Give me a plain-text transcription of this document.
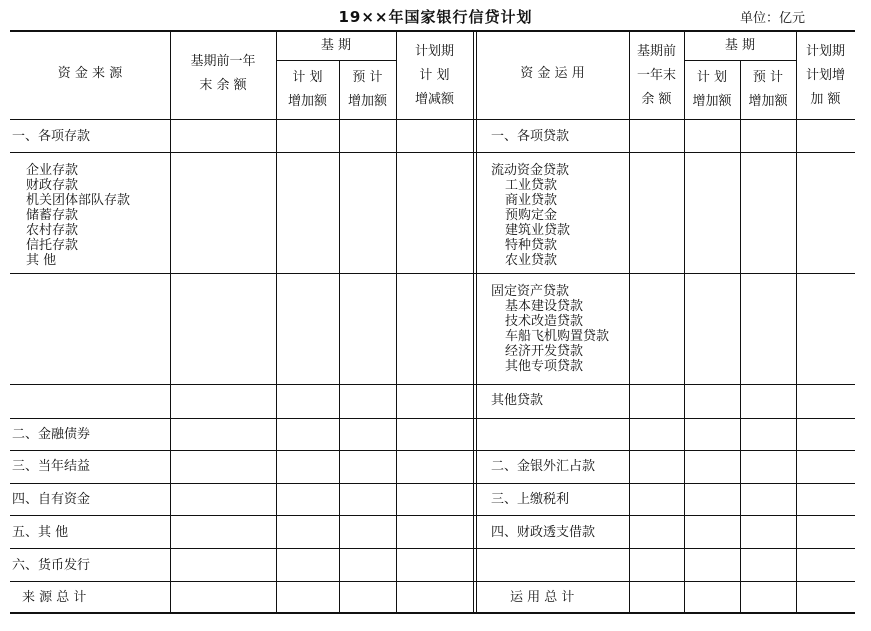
19××年国家银行信贷计划	单位：亿元
资 金 来 源
基期前一年
末 余 额
基 期
计 划
增加额
预 计
增加额
计划期
计 划
增减额
资 金 运 用
基期前
一年末
余 额
基 期
计 划
增加额
预 计
增加额
计划期
计划增
加 额
一、各项存款
企业存款
财政存款
机关团体部队存款
储蓄存款
农村存款
信托存款
其 他
二、金融债券
三、当年结益
四、自有资金
五、其 他
六、货币发行
来 源 总 计
一、各项贷款
流动资金贷款
工业贷款
商业贷款
预购定金
建筑业贷款
特种贷款
农业贷款
固定资产贷款
基本建设贷款
技术改造贷款
车船飞机购置贷款
经济开发贷款
其他专项贷款
其他贷款
二、金银外汇占款
三、上缴税利
四、财政透支借款
运 用 总 计
